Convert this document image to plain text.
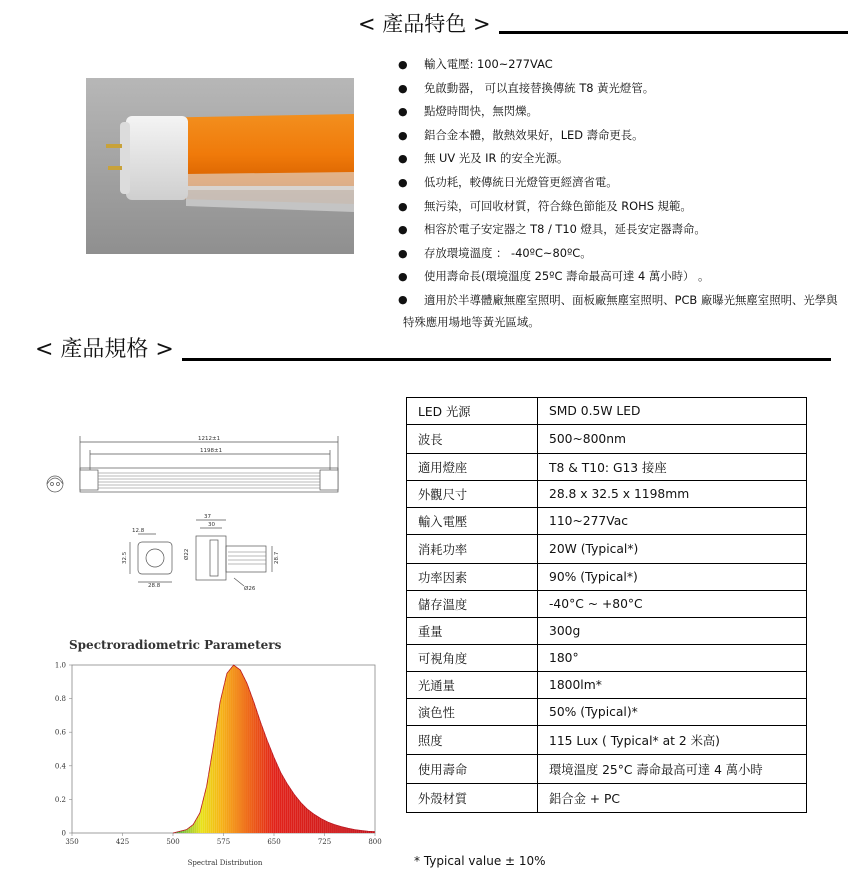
< 產品特色 >
● 輸入電壓: 100~277VAC
● 免啟動器， 可以直接替換傳統 T8 黃光燈管。
● 點燈時間快，無閃爍。
● 鋁合金本體，散熱效果好，LED 壽命更長。
● 無 UV 光及 IR 的安全光源。
● 低功耗，較傳統日光燈管更經濟省電。
● 無污染，可回收材質，符合綠色節能及 ROHS 規範。
● 相容於電子安定器之 T8 / T10 燈具，延長安定器壽命。
● 存放環境溫度 ： -40ºC~80ºC。
● 使用壽命長(環境溫度 25ºC 壽命最高可達 4 萬小時） 。
● 適用於半導體廠無塵室照明、面板廠無塵室照明、PCB 廠曝光無塵室照明、光學與特殊應用場地等黃光區域。
< 產品規格 >
1212±1
1198±1
12.8
32.5
28.8
37
30
Ø22	28.7
Ø26
Spectroradiometric Parameters
350	425	500	575	650	725	800
0
0.2
0.4
0.6
0.8
1.0
Spectral Distribution
LED 光源	SMD 0.5W LED
波長	500~800nm
適用燈座	T8 & T10: G13 接座
外觀尺寸	28.8 x 32.5 x 1198mm
輸入電壓	110~277Vac
消耗功率	20W (Typical*)
功率因素	90% (Typical*)
儲存溫度	-40°C ~ +80°C
重量	300g
可視角度	180°
光通量	1800lm*
演色性	50% (Typical)*
照度	115 Lux ( Typical* at 2 米高)
使用壽命	環境溫度 25°C 壽命最高可達 4 萬小時
外殼材質	鋁合金 + PC
* Typical value ± 10%
